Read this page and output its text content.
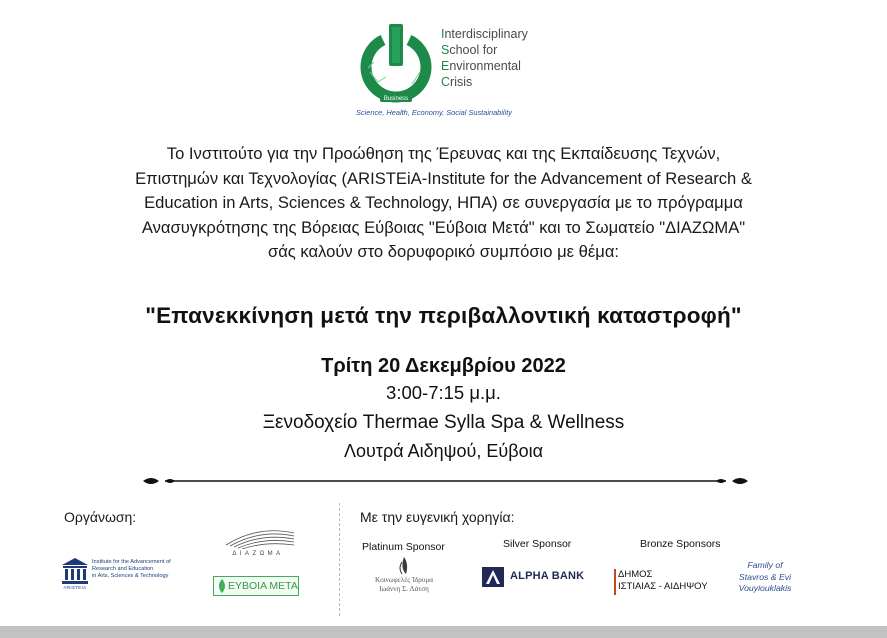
Business
Interdisciplinary
School for
Environmental
Crisis
Science, Health, Economy, Social Sustainability
Το Ινστιτούτο για την Προώθηση της Έρευνας και της Εκπαίδευσης Τεχνών,
Επιστημών και Τεχνολογίας (ARISTEiA-Institute for the Advancement of Research &
Education in Arts, Sciences & Technology, ΗΠΑ) σε συνεργασία με το πρόγραμμα
Ανασυγκρότησης της Βόρειας Εύβοιας "Εύβοια Μετά" και το Σωματείο "ΔΙΑΖΩΜΑ"
σάς καλούν στο δορυφορικό συμπόσιο με θέμα:
"Επανεκκίνηση μετά την περιβαλλοντική καταστροφή"
Τρίτη 20 Δεκεμβρίου 2022
3:00-7:15 μ.μ.
Ξενοδοχείο Thermae Sylla Spa & Wellness
Λουτρά Αιδηψού, Εύβοια
Οργάνωση:
ARISTEIA
Institute for the Advancement of
Research and Education
in Arts, Sciences & Technology
ΔΙΑΖΩΜΑ
ΕΥΒΟΙΑ ΜΕΤΑ
Με την ευγενική χορηγία:
Platinum Sponsor	Silver Sponsor	Bronze Sponsors
Κοινωφελές Ίδρυμα
Ιωάννη Σ. Λάτση
ALPHA BANK	ΔΗΜΟΣ
ΙΣΤΙΑΙΑΣ - ΑΙΔΗΨΟΥ
Family of
Stavros & Evi
Vouyiouklakis
